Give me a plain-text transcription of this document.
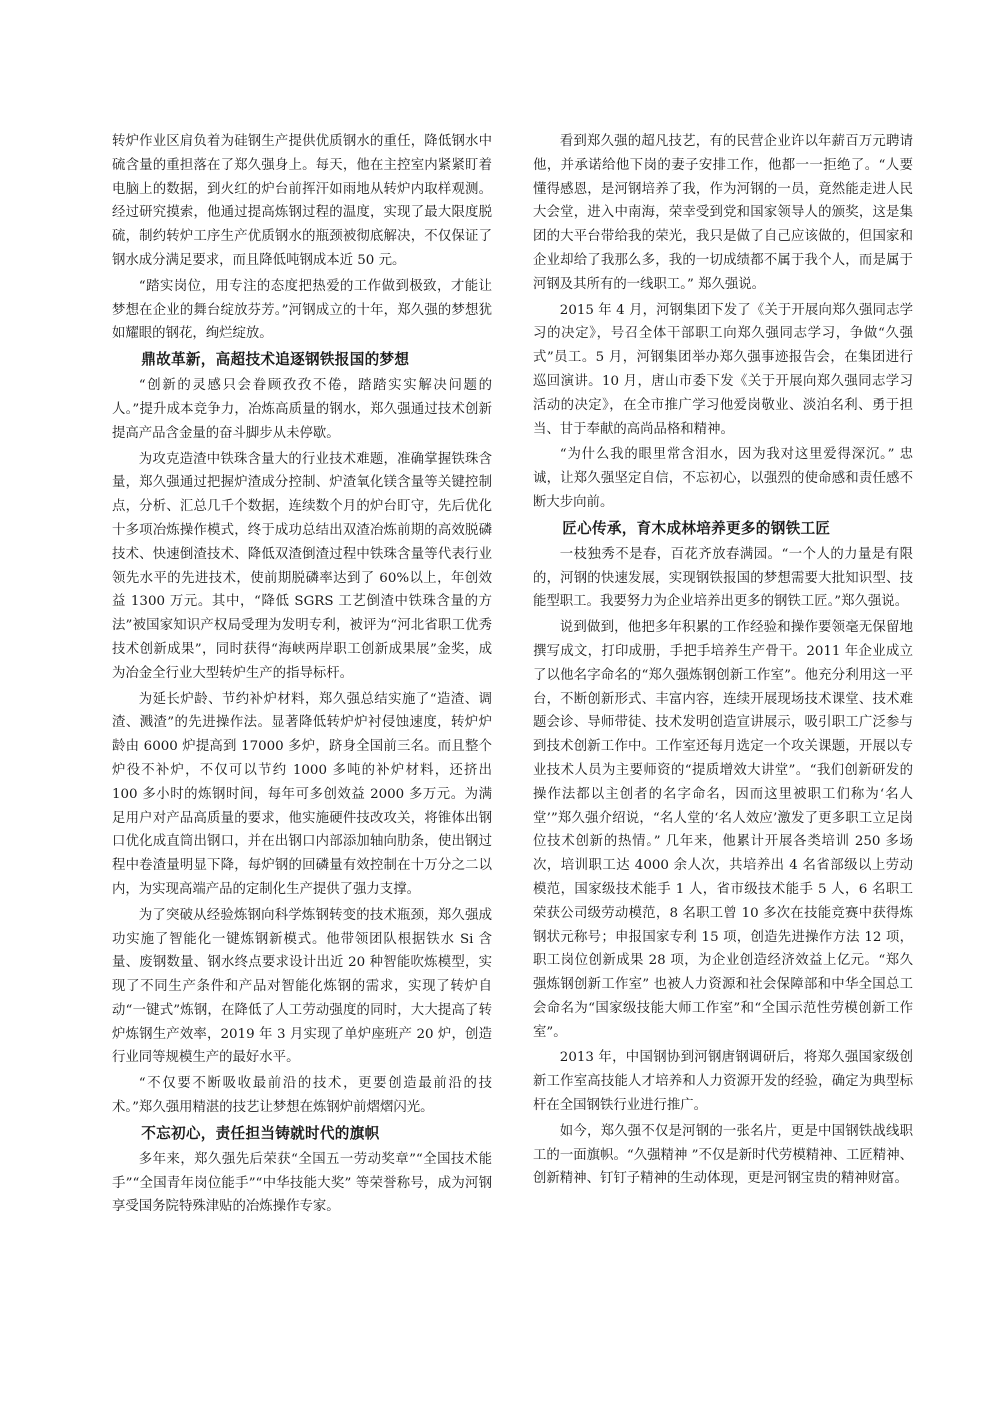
转炉作业区肩负着为硅钢生产提供优质钢水的重任，降低钢水中硫含量的重担落在了郑久强身上。每天，他在主控室内紧紧盯着电脑上的数据，到火红的炉台前挥汗如雨地从转炉内取样观测。经过研究摸索，他通过提高炼钢过程的温度，实现了最大限度脱硫，制约转炉工序生产优质钢水的瓶颈被彻底解决，不仅保证了钢水成分满足要求，而且降低吨钢成本近 50 元。

“踏实岗位，用专注的态度把热爱的工作做到极致，才能让梦想在企业的舞台绽放芬芳。”河钢成立的十年，郑久强的梦想犹如耀眼的钢花，绚烂绽放。

鼎故革新，高超技术追逐钢铁报国的梦想

“创新的灵感只会眷顾孜孜不倦，踏踏实实解决问题的人。”提升成本竞争力，冶炼高质量的钢水，郑久强通过技术创新提高产品含金量的奋斗脚步从未停歇。

为攻克造渣中铁珠含量大的行业技术难题，准确掌握铁珠含量，郑久强通过把握炉渣成分控制、炉渣氧化镁含量等关键控制点，分析、汇总几千个数据，连续数个月的炉台盯守，先后优化十多项冶炼操作模式，终于成功总结出双渣冶炼前期的高效脱磷技术、快速倒渣技术、降低双渣倒渣过程中铁珠含量等代表行业领先水平的先进技术，使前期脱磷率达到了 60%以上，年创效益 1300 万元。其中，“降低 SGRS 工艺倒渣中铁珠含量的方法”被国家知识产权局受理为发明专利，被评为“河北省职工优秀技术创新成果”，同时获得“海峡两岸职工创新成果展”金奖，成为冶金全行业大型转炉生产的指导标杆。

为延长炉龄、节约补炉材料，郑久强总结实施了“造渣、调渣、溅渣”的先进操作法。显著降低转炉炉衬侵蚀速度，转炉炉龄由 6000 炉提高到 17000 多炉，跻身全国前三名。而且整个炉役不补炉，不仅可以节约 1000 多吨的补炉材料，还挤出 100 多小时的炼钢时间，每年可多创效益 2000 多万元。为满足用户对产品高质量的要求，他实施硬件技改攻关，将锥体出钢口优化成直筒出钢口，并在出钢口内部添加轴向肋条，使出钢过程中卷渣量明显下降，每炉钢的回磷量有效控制在十万分之二以内，为实现高端产品的定制化生产提供了强力支撑。

为了突破从经验炼钢向科学炼钢转变的技术瓶颈，郑久强成功实施了智能化一键炼钢新模式。他带领团队根据铁水 Si 含量、废钢数量、钢水终点要求设计出近 20 种智能吹炼模型，实现了不同生产条件和产品对智能化炼钢的需求，实现了转炉自动“一键式”炼钢，在降低了人工劳动强度的同时，大大提高了转炉炼钢生产效率，2019 年 3 月实现了单炉座班产 20 炉，创造行业同等规模生产的最好水平。

“不仅要不断吸收最前沿的技术，更要创造最前沿的技术。”郑久强用精湛的技艺让梦想在炼钢炉前熠熠闪光。

不忘初心，责任担当铸就时代的旗帜

多年来，郑久强先后荣获“全国五一劳动奖章”“全国技术能手”“全国青年岗位能手”“中华技能大奖” 等荣誉称号，成为河钢享受国务院特殊津贴的冶炼操作专家。

看到郑久强的超凡技艺，有的民营企业许以年薪百万元聘请他，并承诺给他下岗的妻子安排工作，他都一一拒绝了。“人要懂得感恩，是河钢培养了我，作为河钢的一员，竟然能走进人民大会堂，进入中南海，荣幸受到党和国家领导人的颁奖，这是集团的大平台带给我的荣光，我只是做了自己应该做的，但国家和企业却给了我那么多，我的一切成绩都不属于我个人，而是属于河钢及其所有的一线职工。” 郑久强说。

2015 年 4 月，河钢集团下发了《关于开展向郑久强同志学习的决定》，号召全体干部职工向郑久强同志学习，争做“久强式”员工。5 月，河钢集团举办郑久强事迹报告会，在集团进行巡回演讲。10 月，唐山市委下发《关于开展向郑久强同志学习活动的决定》，在全市推广学习他爱岗敬业、淡泊名利、勇于担当、甘于奉献的高尚品格和精神。

“为什么我的眼里常含泪水，因为我对这里爱得深沉。” 忠诚，让郑久强坚定自信，不忘初心，以强烈的使命感和责任感不断大步向前。

匠心传承，育木成林培养更多的钢铁工匠

一枝独秀不是春，百花齐放春满园。“一个人的力量是有限的，河钢的快速发展，实现钢铁报国的梦想需要大批知识型、技能型职工。我要努力为企业培养出更多的钢铁工匠。”郑久强说。

说到做到，他把多年积累的工作经验和操作要领毫无保留地撰写成文，打印成册，手把手培养生产骨干。2011 年企业成立了以他名字命名的“郑久强炼钢创新工作室”。他充分利用这一平台，不断创新形式、丰富内容，连续开展现场技术课堂、技术难题会诊、导师带徒、技术发明创造宣讲展示，吸引职工广泛参与到技术创新工作中。工作室还每月选定一个攻关课题，开展以专业技术人员为主要师资的“提质增效大讲堂”。“我们创新研发的操作法都以主创者的名字命名，因而这里被职工们称为‘名人堂’”郑久强介绍说，“名人堂的‘名人效应’激发了更多职工立足岗位技术创新的热情。” 几年来，他累计开展各类培训 250 多场次，培训职工达 4000 余人次，共培养出 4 名省部级以上劳动模范，国家级技术能手 1 人，省市级技术能手 5 人，6 名职工荣获公司级劳动模范，8 名职工曾 10 多次在技能竞赛中获得炼钢状元称号；申报国家专利 15 项，创造先进操作方法 12 项，职工岗位创新成果 28 项，为企业创造经济效益上亿元。“郑久强炼钢创新工作室” 也被人力资源和社会保障部和中华全国总工会命名为“国家级技能大师工作室”和“全国示范性劳模创新工作室”。

2013 年，中国钢协到河钢唐钢调研后，将郑久强国家级创新工作室高技能人才培养和人力资源开发的经验，确定为典型标杆在全国钢铁行业进行推广。

如今，郑久强不仅是河钢的一张名片，更是中国钢铁战线职工的一面旗帜。“久强精神 ”不仅是新时代劳模精神、工匠精神、创新精神、钉钉子精神的生动体现，更是河钢宝贵的精神财富。
